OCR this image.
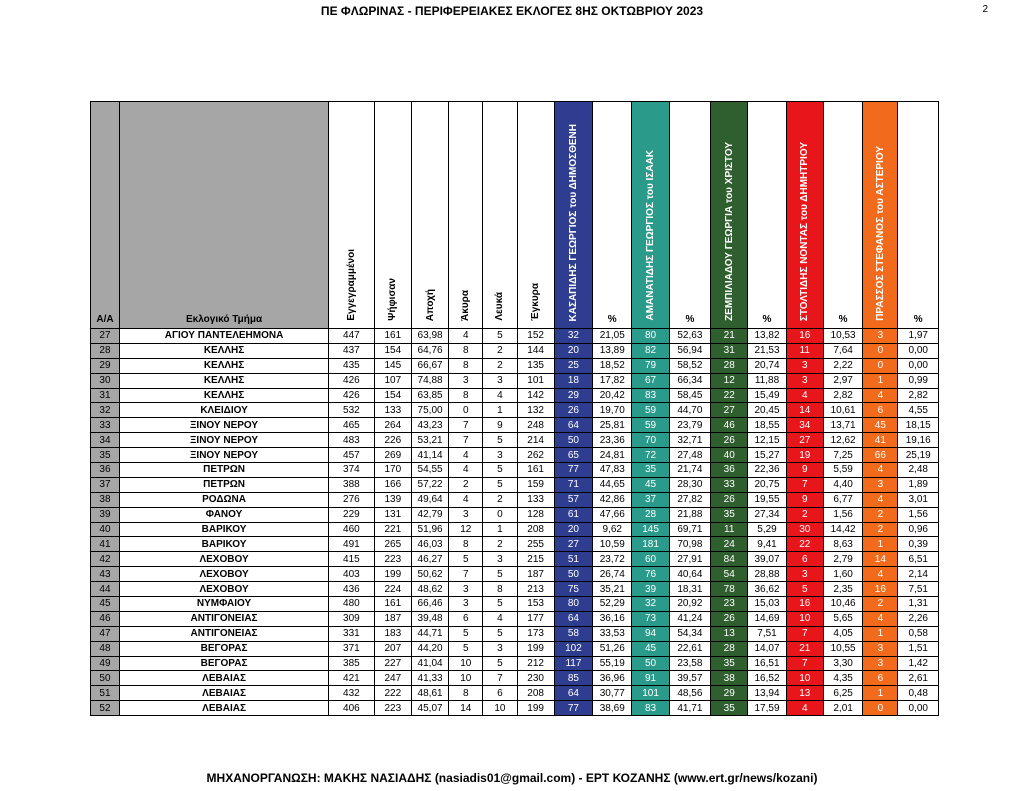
ΠΕ ΦΛΩΡΙΝΑΣ - ΠΕΡΙΦΕΡΕΙΑΚΕΣ ΕΚΛΟΓΕΣ 8ΗΣ ΟΚΤΩΒΡΙΟΥ 2023	2
Α/Α	Εκλογικό Τμήμα	Εγγεγραμμένοι	Ψήφισαν	Αποχή	Άκυρα	Λευκά	Έγκυρα	ΚΑΣΑΠΙΔΗΣ ΓΕΩΡΓΙΟΣ του ΔΗΜΟΣΘΕΝΗ	%	ΑΜΑΝΑΤΙΔΗΣ ΓΕΩΡΓΙΟΣ του ΙΣΑΑΚ	%	ΖΕΜΠΙΛΙΑΔΟΥ ΓΕΩΡΓΙΑ του ΧΡΙΣΤΟΥ	%	ΣΤΟΛΤΙΔΗΣ ΝΟΝΤΑΣ του ΔΗΜΗΤΡΙΟΥ	%	ΠΡΑΣΣΟΣ ΣΤΕΦΑΝΟΣ του ΑΣΤΕΡΙΟΥ	%
27	ΑΓΙΟΥ ΠΑΝΤΕΛΕΗΜΟΝΑ	447	161	63,98	4	5	152	32	21,05	80	52,63	21	13,82	16	10,53	3	1,97
28	ΚΕΛΛΗΣ	437	154	64,76	8	2	144	20	13,89	82	56,94	31	21,53	11	7,64	0	0,00
29	ΚΕΛΛΗΣ	435	145	66,67	8	2	135	25	18,52	79	58,52	28	20,74	3	2,22	0	0,00
30	ΚΕΛΛΗΣ	426	107	74,88	3	3	101	18	17,82	67	66,34	12	11,88	3	2,97	1	0,99
31	ΚΕΛΛΗΣ	426	154	63,85	8	4	142	29	20,42	83	58,45	22	15,49	4	2,82	4	2,82
32	ΚΛΕΙΔΙΟΥ	532	133	75,00	0	1	132	26	19,70	59	44,70	27	20,45	14	10,61	6	4,55
33	ΞΙΝΟΥ ΝΕΡΟΥ	465	264	43,23	7	9	248	64	25,81	59	23,79	46	18,55	34	13,71	45	18,15
34	ΞΙΝΟΥ ΝΕΡΟΥ	483	226	53,21	7	5	214	50	23,36	70	32,71	26	12,15	27	12,62	41	19,16
35	ΞΙΝΟΥ ΝΕΡΟΥ	457	269	41,14	4	3	262	65	24,81	72	27,48	40	15,27	19	7,25	66	25,19
36	ΠΕΤΡΩΝ	374	170	54,55	4	5	161	77	47,83	35	21,74	36	22,36	9	5,59	4	2,48
37	ΠΕΤΡΩΝ	388	166	57,22	2	5	159	71	44,65	45	28,30	33	20,75	7	4,40	3	1,89
38	ΡΟΔΩΝΑ	276	139	49,64	4	2	133	57	42,86	37	27,82	26	19,55	9	6,77	4	3,01
39	ΦΑΝΟΥ	229	131	42,79	3	0	128	61	47,66	28	21,88	35	27,34	2	1,56	2	1,56
40	ΒΑΡΙΚΟΥ	460	221	51,96	12	1	208	20	9,62	145	69,71	11	5,29	30	14,42	2	0,96
41	ΒΑΡΙΚΟΥ	491	265	46,03	8	2	255	27	10,59	181	70,98	24	9,41	22	8,63	1	0,39
42	ΛΕΧΟΒΟΥ	415	223	46,27	5	3	215	51	23,72	60	27,91	84	39,07	6	2,79	14	6,51
43	ΛΕΧΟΒΟΥ	403	199	50,62	7	5	187	50	26,74	76	40,64	54	28,88	3	1,60	4	2,14
44	ΛΕΧΟΒΟΥ	436	224	48,62	3	8	213	75	35,21	39	18,31	78	36,62	5	2,35	16	7,51
45	ΝΥΜΦΑΙΟΥ	480	161	66,46	3	5	153	80	52,29	32	20,92	23	15,03	16	10,46	2	1,31
46	ΑΝΤΙΓΟΝΕΙΑΣ	309	187	39,48	6	4	177	64	36,16	73	41,24	26	14,69	10	5,65	4	2,26
47	ΑΝΤΙΓΟΝΕΙΑΣ	331	183	44,71	5	5	173	58	33,53	94	54,34	13	7,51	7	4,05	1	0,58
48	ΒΕΓΟΡΑΣ	371	207	44,20	5	3	199	102	51,26	45	22,61	28	14,07	21	10,55	3	1,51
49	ΒΕΓΟΡΑΣ	385	227	41,04	10	5	212	117	55,19	50	23,58	35	16,51	7	3,30	3	1,42
50	ΛΕΒΑΙΑΣ	421	247	41,33	10	7	230	85	36,96	91	39,57	38	16,52	10	4,35	6	2,61
51	ΛΕΒΑΙΑΣ	432	222	48,61	8	6	208	64	30,77	101	48,56	29	13,94	13	6,25	1	0,48
52	ΛΕΒΑΙΑΣ	406	223	45,07	14	10	199	77	38,69	83	41,71	35	17,59	4	2,01	0	0,00
ΜΗΧΑΝΟΡΓΑΝΩΣΗ: ΜΑΚΗΣ ΝΑΣΙΑΔΗΣ (nasiadis01@gmail.com) - ΕΡΤ ΚΟΖΑΝΗΣ (www.ert.gr/news/kozani)
